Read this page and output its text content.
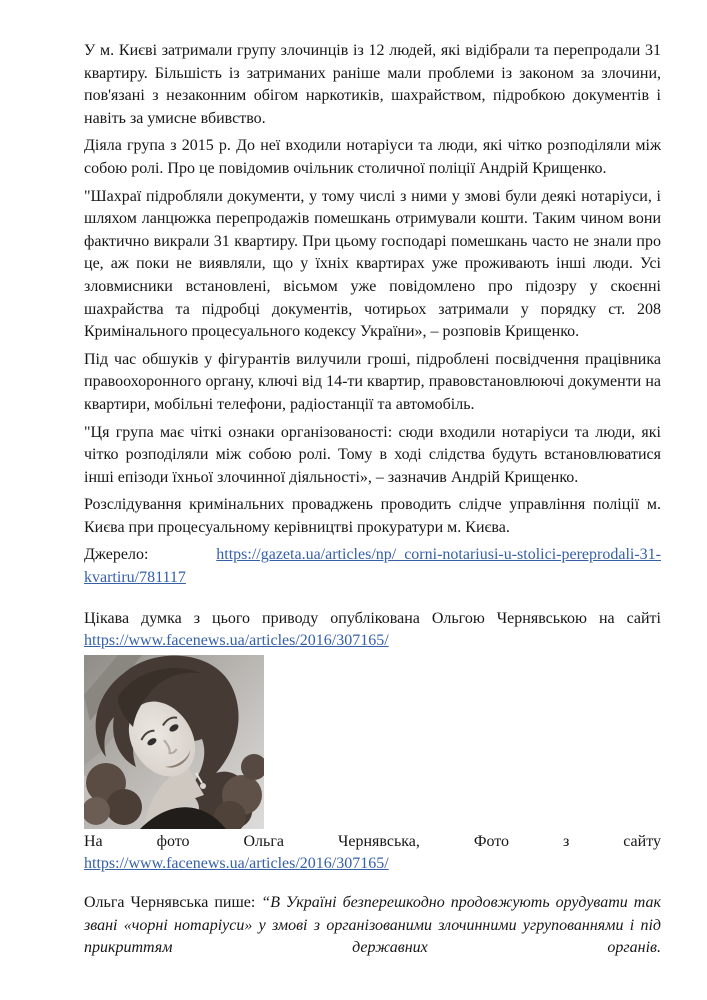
У м. Києві затримали групу злочинців із 12 людей, які відібрали та перепродали 31 квартиру. Більшість із затриманих раніше мали проблеми із законом за злочини, пов'язані з незаконним обігом наркотиків, шахрайством, підробкою документів і навіть за умисне вбивство.

Діяла група з 2015 р. До неї входили нотаріуси та люди, які чітко розподіляли між собою ролі. Про це повідомив очільник столичної поліції Андрій Крищенко.

"Шахраї підробляли документи, у тому числі з ними у змові були деякі нотаріуси, і шляхом ланцюжка перепродажів помешкань отримували кошти. Таким чином вони фактично викрали 31 квартиру. При цьому господарі помешкань часто не знали про це, аж поки не виявляли, що у їхніх квартирах уже проживають інші люди. Усі зловмисники встановлені, вісьмом уже повідомлено про підозру у скоєнні шахрайства та підробці документів, чотирьох затримали у порядку ст. 208 Кримінального процесуального кодексу України», – розповів Крищенко.

Під час обшуків у фігурантів вилучили гроші, підроблені посвідчення працівника правоохоронного органу, ключі від 14-ти квартир, правовстановлюючі документи на квартири, мобільні телефони, радіостанції та автомобіль.

"Ця група має чіткі ознаки організованості: сюди входили нотаріуси та люди, які чітко розподіляли між собою ролі. Тому в ході слідства будуть встановлюватися інші епізоди їхньої злочинної діяльності», – зазначив Андрій Крищенко.

Розслідування кримінальних проваджень проводить слідче управління поліції м. Києва при процесуальному керівництві прокуратури м. Києва.

Джерело:	https://gazeta.ua/articles/np/_corni-notariusi-u-stolici-pereprodali-31-
kvartiru/781117
Цікава думка з цього приводу опублікована Ольгою Чернявською на сайті
https://www.facenews.ua/articles/2016/307165/
На фото Ольга Чернявська, Фото з сайту
https://www.facenews.ua/articles/2016/307165/

Ольга Чернявська пише: “В Україні безперешкодно продовжують орудувати так звані «чорні нотаріуси» у змові з організованими злочинними угрупованнями і під прикриттям державних органів.
